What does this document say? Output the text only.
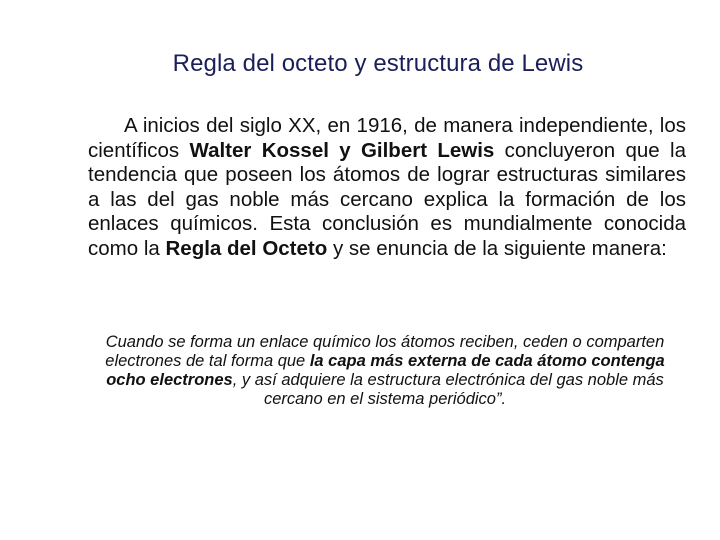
Regla del octeto y estructura de Lewis
A inicios del siglo XX, en 1916, de manera independiente, los científicos Walter Kossel y Gilbert Lewis concluyeron que la tendencia que poseen los átomos de lograr estructuras similares a las del gas noble más cercano explica la formación de los enlaces químicos. Esta conclusión es mundialmente conocida como la Regla del Octeto y se enuncia de la siguiente manera:
Cuando se forma un enlace químico los átomos reciben, ceden o comparten electrones de tal forma que la capa más externa de cada átomo contenga ocho electrones, y así adquiere la estructura electrónica del gas noble más cercano en el sistema periódico”.
